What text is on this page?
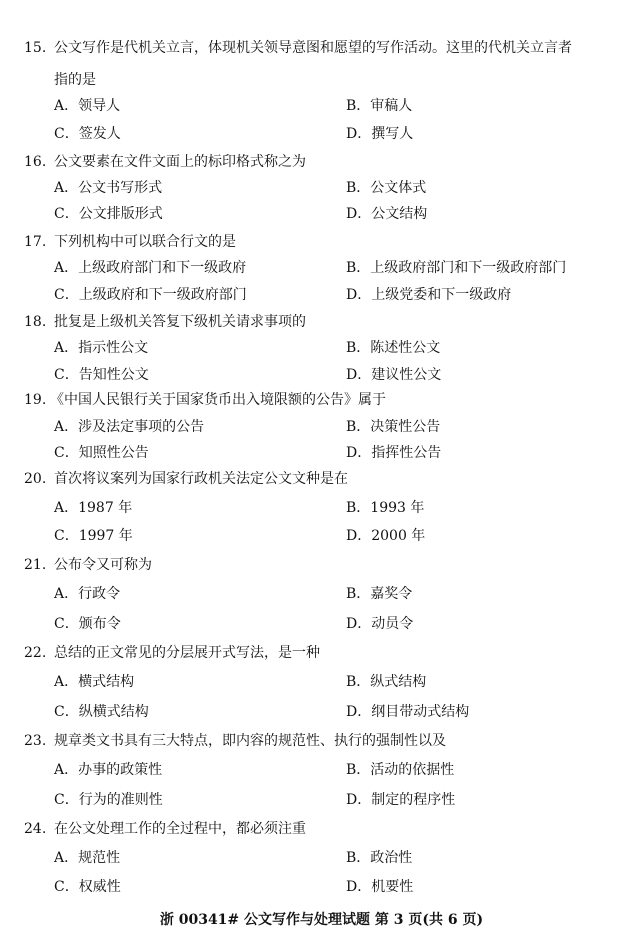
15. 公文写作是代机关立言，体现机关领导意图和愿望的写作活动。这里的代机关立言者
指的是
A．领导人	B．审稿人
C．签发人	D．撰写人
16. 公文要素在文件文面上的标印格式称之为
A．公文书写形式	B．公文体式
C．公文排版形式	D．公文结构
17. 下列机构中可以联合行文的是
A．上级政府部门和下一级政府	B．上级政府部门和下一级政府部门
C．上级政府和下一级政府部门	D．上级党委和下一级政府
18. 批复是上级机关答复下级机关请求事项的
A．指示性公文	B．陈述性公文
C．告知性公文	D．建议性公文
19. 《中国人民银行关于国家货币出入境限额的公告》属于
A．涉及法定事项的公告	B．决策性公告
C．知照性公告	D．指挥性公告
20. 首次将议案列为国家行政机关法定公文文种是在
A．1987 年	B．1993 年
C．1997 年	D．2000 年
21. 公布令又可称为
A．行政令	B．嘉奖令
C．颁布令	D．动员令
22. 总结的正文常见的分层展开式写法，是一种
A．横式结构	B．纵式结构
C．纵横式结构	D．纲目带动式结构
23. 规章类文书具有三大特点，即内容的规范性、执行的强制性以及
A．办事的政策性	B．活动的依据性
C．行为的准则性	D．制定的程序性
24. 在公文处理工作的全过程中，都必须注重
A．规范性	B．政治性
C．权威性	D．机要性
浙 00341# 公文写作与处理试题 第 3 页(共 6 页)
